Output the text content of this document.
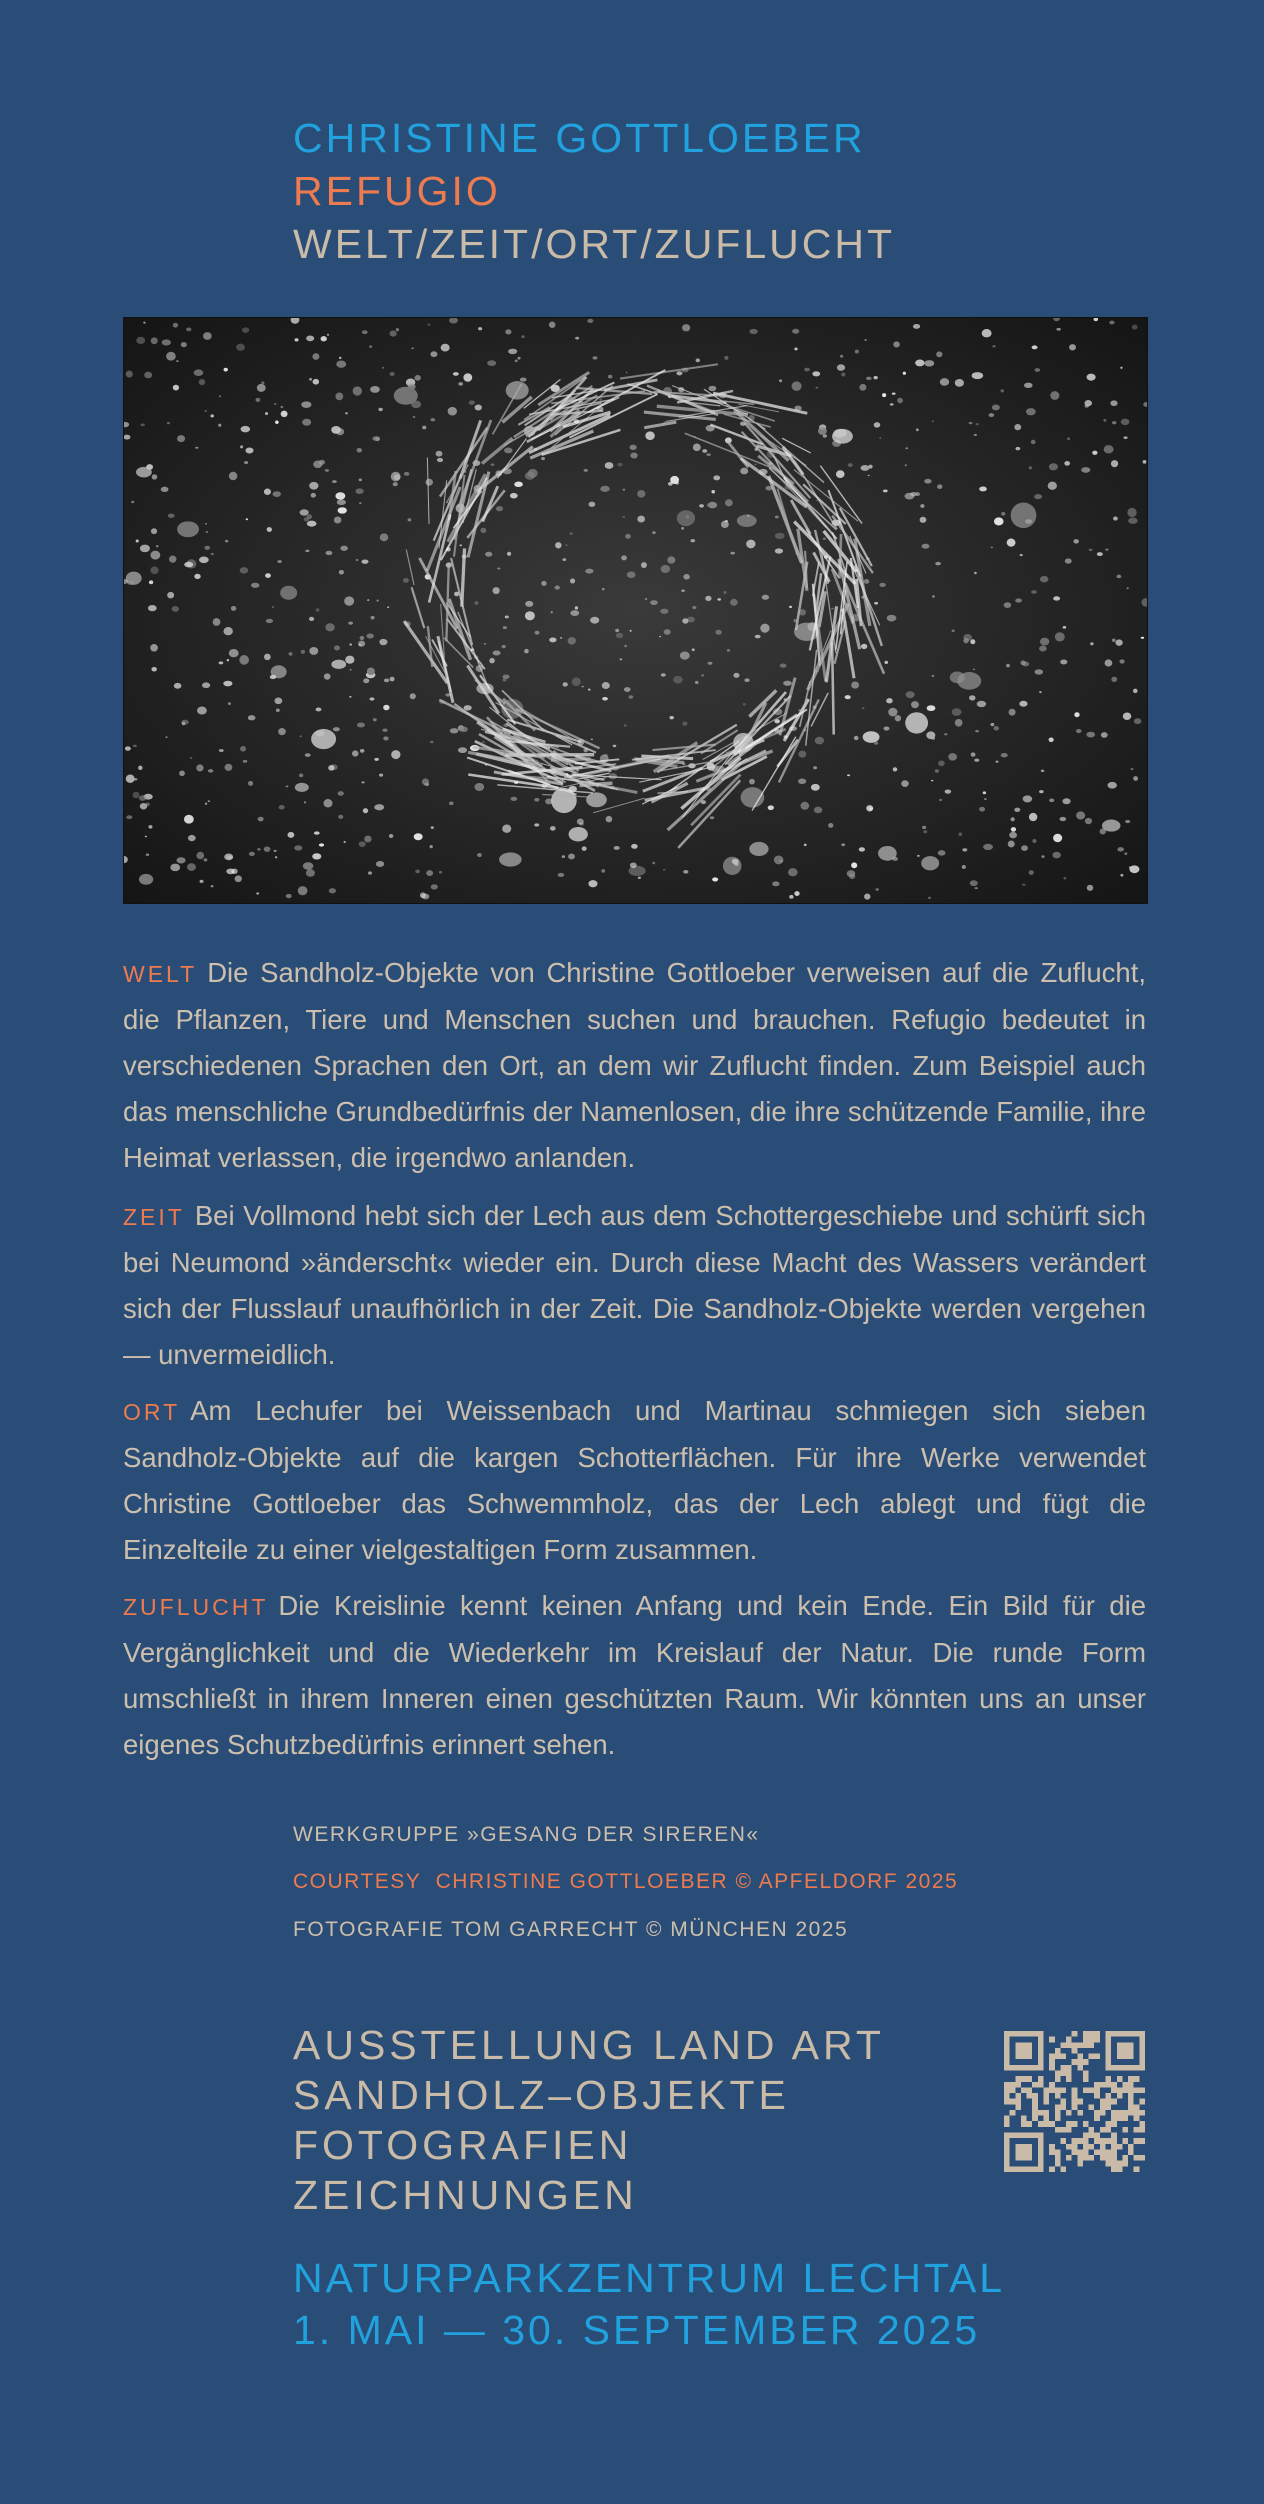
CHRISTINE GOTTLOEBER
REFUGIO
WELT/ZEIT/ORT/ZUFLUCHT
WELT Die Sandholz-Objekte von Christine Gottloeber verweisen auf die Zuflucht, die Pflanzen, Tiere und Menschen suchen und brauchen. Refugio bedeutet in verschiedenen Sprachen den Ort, an dem wir Zuflucht finden. Zum Beispiel auch das menschliche Grundbedürfnis der Namenlosen, die ihre schützende Familie, ihre Heimat verlassen, die irgendwo anlanden.
ZEIT Bei Vollmond hebt sich der Lech aus dem Schottergeschiebe und schürft sich bei Neumond »änderscht« wieder ein. Durch diese Macht des Wassers verändert sich der Flusslauf unaufhörlich in der Zeit. Die Sandholz-Objekte werden vergehen — unvermeidlich.
ORT Am Lechufer bei Weissenbach und Martinau schmiegen sich sieben Sandholz-Objekte auf die kargen Schotterflächen. Für ihre Werke verwendet Christine Gottloeber das Schwemmholz, das der Lech ablegt und fügt die Einzelteile zu einer vielgestaltigen Form zusammen.
ZUFLUCHT Die Kreislinie kennt keinen Anfang und kein Ende. Ein Bild für die Vergänglichkeit und die Wiederkehr im Kreislauf der Natur. Die runde Form umschließt in ihrem Inneren einen geschützten Raum. Wir könnten uns an unser eigenes Schutzbedürfnis erinnert sehen.
WERKGRUPPE »GESANG DER SIREREN«
COURTESY  CHRISTINE GOTTLOEBER © APFELDORF 2025
FOTOGRAFIE TOM GARRECHT © MÜNCHEN 2025
AUSSTELLUNG LAND ART
SANDHOLZ–OBJEKTE
FOTOGRAFIEN
ZEICHNUNGEN
NATURPARKZENTRUM LECHTAL
1. MAI — 30. SEPTEMBER 2025
